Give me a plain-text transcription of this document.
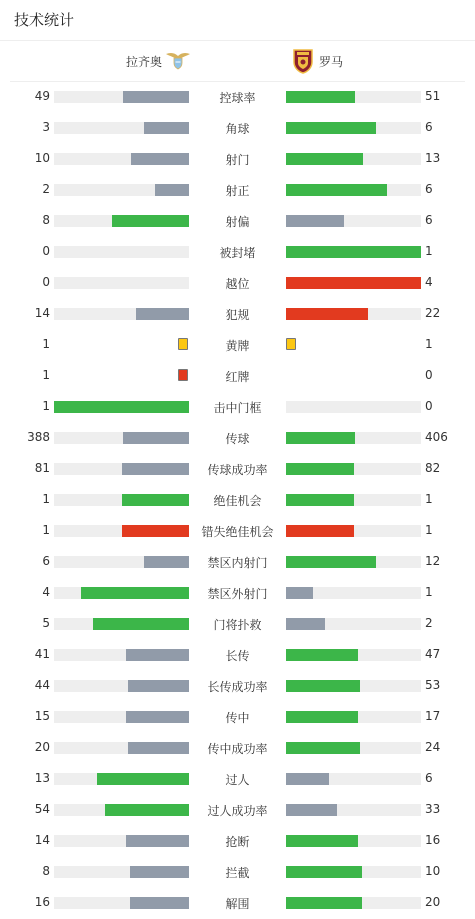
技术统计
拉齐奥	罗马
49	控球率	51
3	角球	6
10	射门	13
2	射正	6
8	射偏	6
0	被封堵	1
0	越位	4
14	犯规	22
1	黄牌	1
1	红牌	0
1	击中门框	0
388	传球	406
81	传球成功率	82
1	绝佳机会	1
1	错失绝佳机会	1
6	禁区内射门	12
4	禁区外射门	1
5	门将扑救	2
41	长传	47
44	长传成功率	53
15	传中	17
20	传中成功率	24
13	过人	6
54	过人成功率	33
14	抢断	16
8	拦截	10
16	解围	20
